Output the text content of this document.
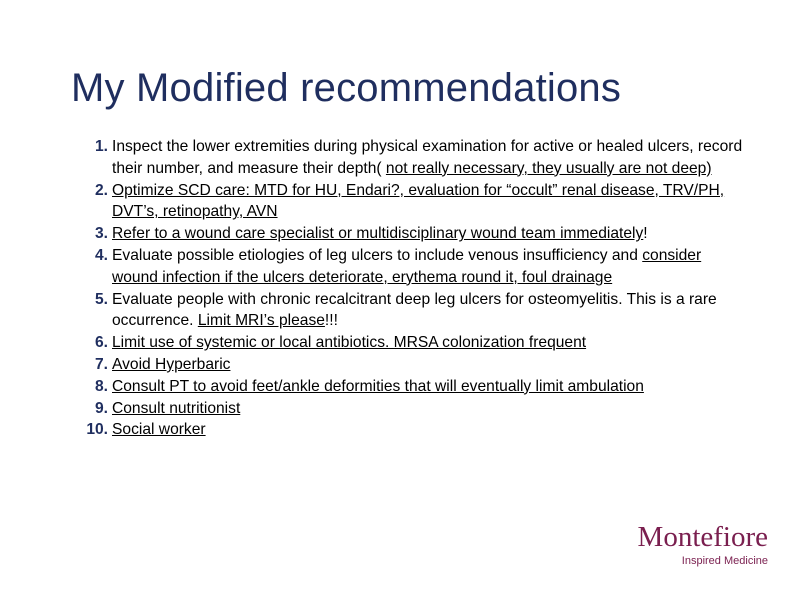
My Modified recommendations
1. Inspect the lower extremities during physical examination for active or healed ulcers, record their number, and measure their depth( not really necessary, they usually are not deep)
2. Optimize SCD care: MTD for HU, Endari?, evaluation for “occult” renal disease, TRV/PH, DVT’s, retinopathy, AVN
3. Refer to a wound care specialist or multidisciplinary wound team immediately!
4. Evaluate possible etiologies of leg ulcers to include venous insufficiency and consider wound infection if the ulcers deteriorate, erythema round it, foul drainage
5. Evaluate people with chronic recalcitrant deep leg ulcers for osteomyelitis. This is a rare occurrence. Limit MRI’s please!!!
6. Limit use of systemic or local antibiotics. MRSA colonization frequent
7. Avoid Hyperbaric
8. Consult PT to avoid feet/ankle deformities that will eventually limit ambulation
9. Consult nutritionist
10. Social worker
Montefiore
Inspired Medicine
